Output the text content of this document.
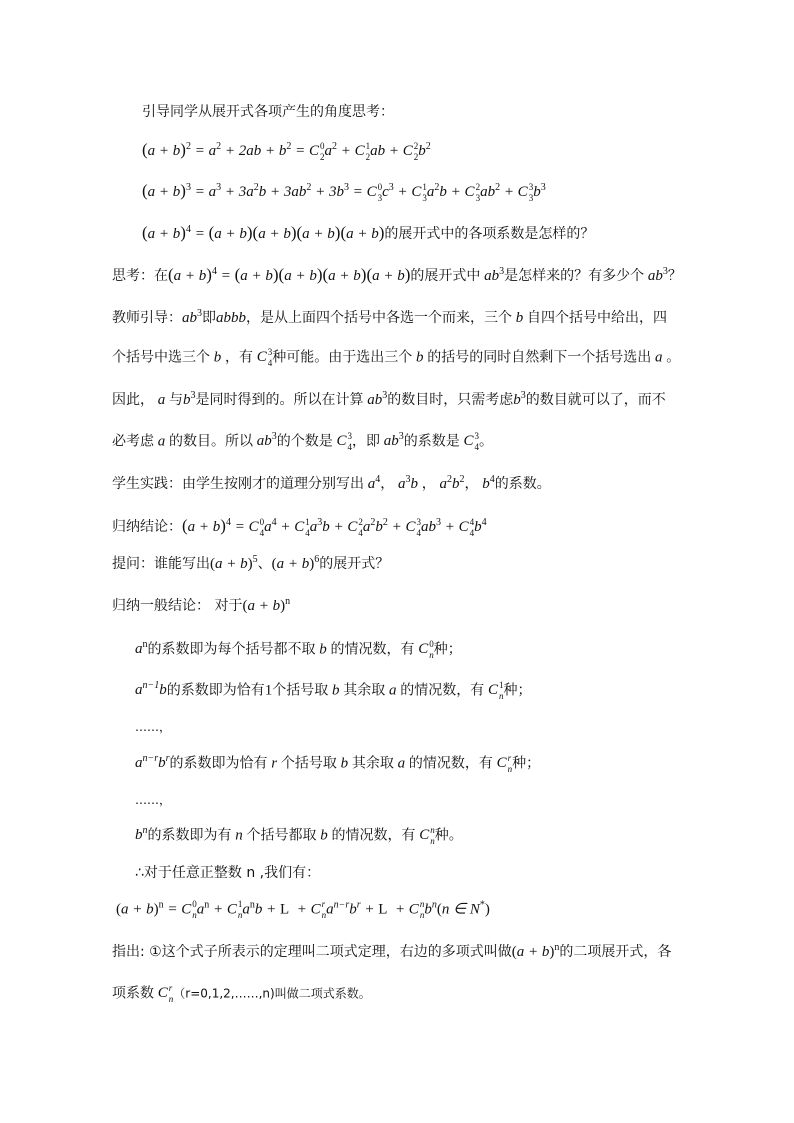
引导同学从展开式各项产生的角度思考：
$(a + b)^2 = a^2 + 2ab + b^2 = C$ 0
2 $a^2 + C$ 1
2 ab + C 2
2 $b^2$
$(a + b)^3 = a^3 + 3a^2b + 3ab^2 + 3b^3 = C$ 0
3 $c^3 + C$ 1
3 $a^2b + C$ 2
3 $ab^2 + C$ 3
3 $b^3$
$(a + b)^4 = (a + b)(a + b)(a + b)(a + b)$的展开式中的各项系数是怎样的？
思考：在$(a + b)^4 = (a + b)(a + b)(a + b)(a + b)$的展开式中 $ab^3$是怎样来的？有多少个 $ab^3$？
教师引导：$ab^3$即abbb，是从上面四个括号中各选一个而来，三个 b 自四个括号中给出，四
个括号中选三个 b ，有 C 3
4 种可能。由于选出三个 b 的括号的同时自然剩下一个括号选出 a 。
因此， a 与$b^3$是同时得到的。所以在计算 $ab^3$的数目时，只需考虑$b^3$的数目就可以了，而不
必考虑 a 的数目。所以 $ab^3$的个数是 C 3
4 ，即 $ab^3$的系数是 C 3
4 。
学生实践：由学生按刚才的道理分别写出 $a^4$， $a^3b$ ， $a^2b^2$， $b^4$的系数。
归纳结论：$(a + b)^4 = C$ 0
4 $a^4 + C$ 1
4 $a^3b + C$ 2
4 $a^2b^2 + C$ 3
4 $ab^3 + C$ 4
4 $b^4$
提问：谁能写出$(a + b)^5$、$(a + b)^6$的展开式？
归纳一般结论： 对于$(a + b)^n$
$a^n$的系数即为每个括号都不取 b 的情况数，有 C 0
n 种；
$a^{n-1}b$的系数即为恰有1个括号取 b 其余取 a 的情况数，有 C 1
n 种；
……，
$a^{n-r}b^r$的系数即为恰有 r 个括号取 b 其余取 a 的情况数，有 C r
n 种；
……，
$b^n$的系数即为有 n 个括号都取 b 的情况数，有 C n
n 种。
∴对于任意正整数 n ,我们有：
$(a + b)^n = C$ 0
n $a^n + C$ 1
n $a^nb + L + C$ r
n $a^{n-r}b^r + L + C$ n
n $b^n(n$ ∈ N*)
指出: ①这个式子所表示的定理叫二项式定理，右边的多项式叫做$(a + b)^n$的二项展开式，各
项系数 C r
n （r=0,1,2,……,n)叫做二项式系数。
